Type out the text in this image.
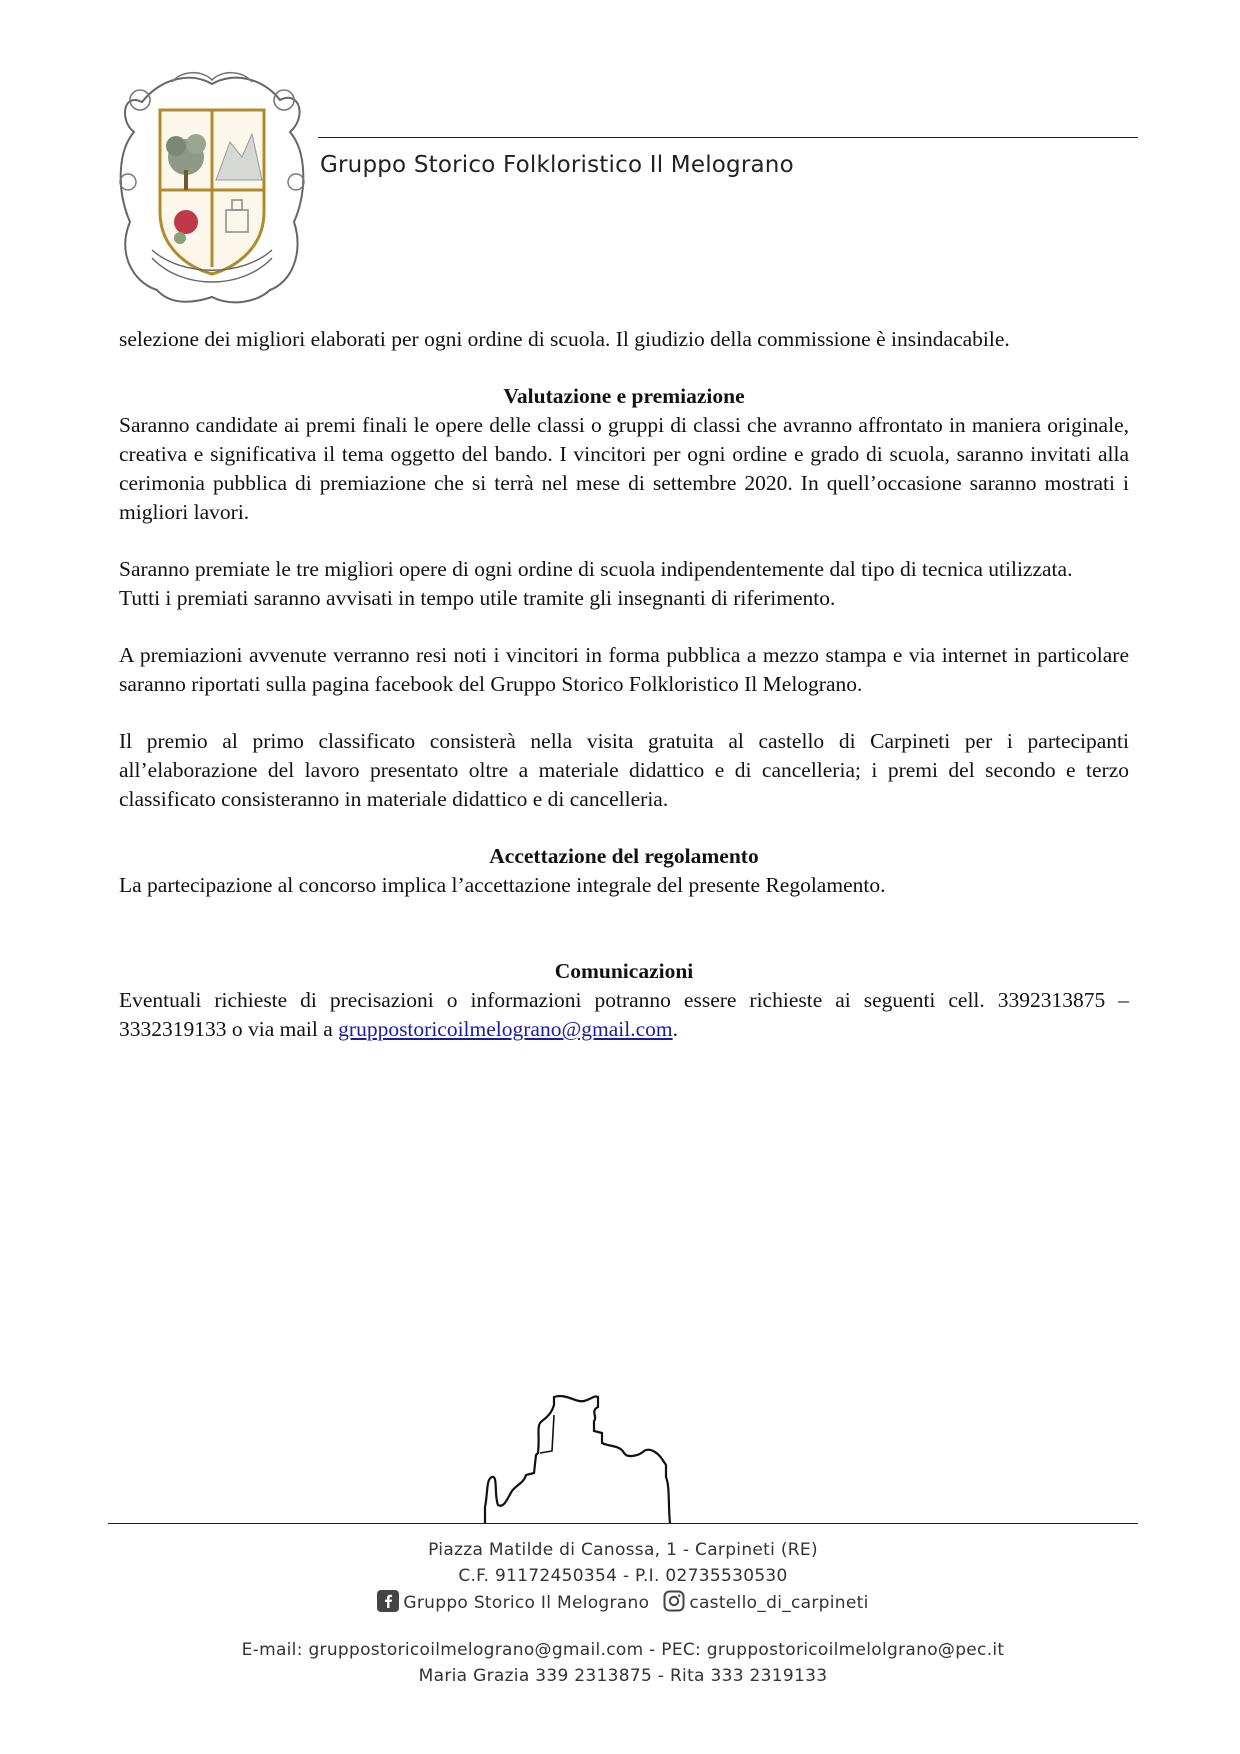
Gruppo Storico Folkloristico Il Melograno

selezione dei migliori elaborati per ogni ordine di scuola. Il giudizio della commissione è insindacabile.

Valutazione e premiazione

Saranno candidate ai premi finali le opere delle classi o gruppi di classi che avranno affrontato in maniera originale, creativa e significativa il tema oggetto del bando. I vincitori per ogni ordine e grado di scuola, saranno invitati alla cerimonia pubblica di premiazione che si terrà nel mese di settembre 2020. In quell’occasione saranno mostrati i migliori lavori.

Saranno premiate le tre migliori opere di ogni ordine di scuola indipendentemente dal tipo di tecnica utilizzata.

Tutti i premiati saranno avvisati in tempo utile tramite gli insegnanti di riferimento.

A premiazioni avvenute verranno resi noti i vincitori in forma pubblica a mezzo stampa e via internet in particolare saranno riportati sulla pagina facebook del Gruppo Storico Folkloristico Il Melograno.

Il premio al primo classificato consisterà nella visita gratuita al castello di Carpineti per i partecipanti all’elaborazione del lavoro presentato oltre a materiale didattico e di cancelleria; i premi del secondo e terzo classificato consisteranno in materiale didattico e di cancelleria.

Accettazione del regolamento

La partecipazione al concorso implica l’accettazione integrale del presente Regolamento.

Comunicazioni

Eventuali richieste di precisazioni o informazioni potranno essere richieste ai seguenti cell. 3392313875 – 3332319133 o via mail a gruppostoricoilmelograno@gmail.com.

Piazza Matilde di Canossa, 1 - Carpineti (RE)
C.F. 91172450354 - P.I. 02735530530
Gruppo Storico Il Melograno castello_di_carpineti
E-mail: gruppostoricoilmelograno@gmail.com - PEC: gruppostoricoilmelolgrano@pec.it
Maria Grazia 339 2313875 - Rita 333 2319133
